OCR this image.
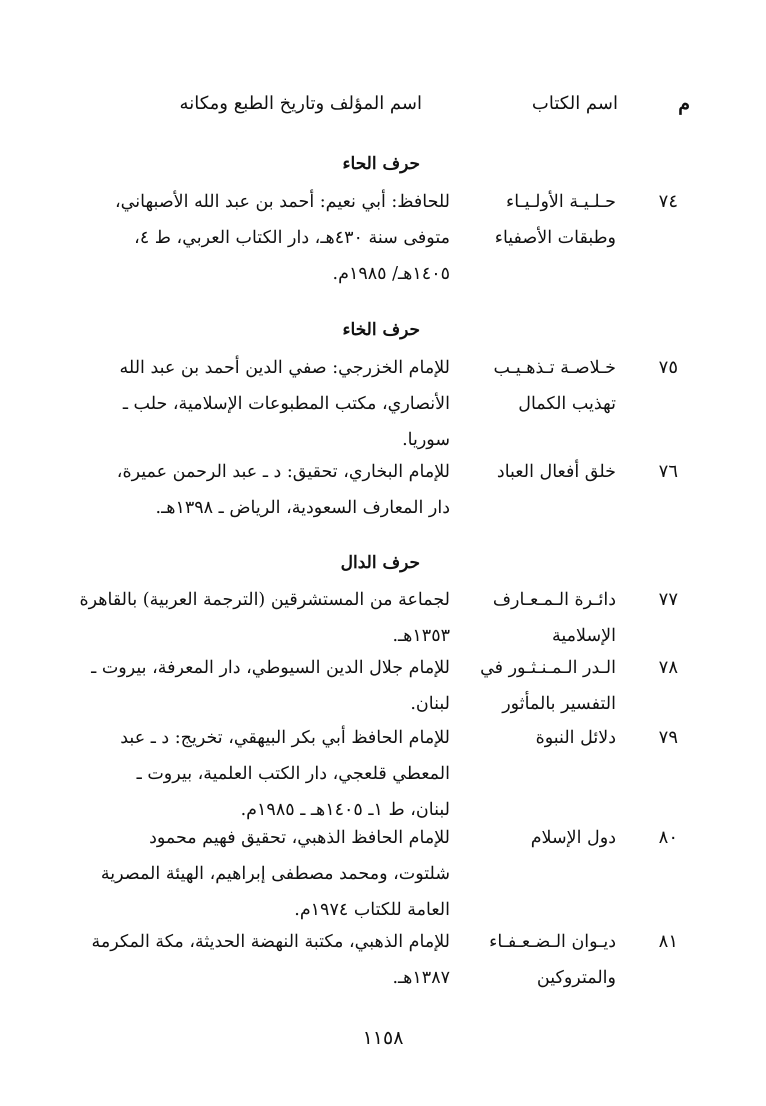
م
اسم الكتاب
اسم المؤلف وتاريخ الطبع ومكانه
حرف الحاء
٧٤
حـلـيـة الأولـيـاء
وطبقات الأصفياء
للحافظ: أبي نعيم: أحمد بن عبد الله الأصبهاني،
متوفى سنة ٤٣٠هـ، دار الكتاب العربي، ط ٤،
١٤٠٥هـ/ ١٩٨٥م.
حرف الخاء
٧٥
خـلاصـة تـذهـيـب
تهذيب الكمال
للإمام الخزرجي: صفي الدين أحمد بن عبد الله
الأنصاري، مكتب المطبوعات الإسلامية، حلب ـ
سوريا.
٧٦
خلق أفعال العباد
للإمام البخاري، تحقيق: د ـ عبد الرحمن عميرة،
دار المعارف السعودية، الرياض ـ ١٣٩٨هـ.
حرف الدال
٧٧
دائـرة الـمـعـارف
الإسلامية
لجماعة من المستشرقين (الترجمة العربية) بالقاهرة
١٣٥٣هـ.
٧٨
الـدر الـمـنـثـور في
التفسير بالمأثور
للإمام جلال الدين السيوطي، دار المعرفة، بيروت ـ
لبنان.
٧٩
دلائل النبوة
للإمام الحافظ أبي بكر البيهقي، تخريج: د ـ عبد
المعطي قلعجي، دار الكتب العلمية، بيروت ـ
لبنان، ط ١ـ ١٤٠٥هـ ـ ١٩٨٥م.
٨٠
دول الإسلام
للإمام الحافظ الذهبي، تحقيق فهيم محمود
شلتوت، ومحمد مصطفى إبراهيم، الهيئة المصرية
العامة للكتاب ١٩٧٤م.
٨١
ديـوان الـضـعـفـاء
والمتروكين
للإمام الذهبي، مكتبة النهضة الحديثة، مكة المكرمة
١٣٨٧هـ.
١١٥٨
